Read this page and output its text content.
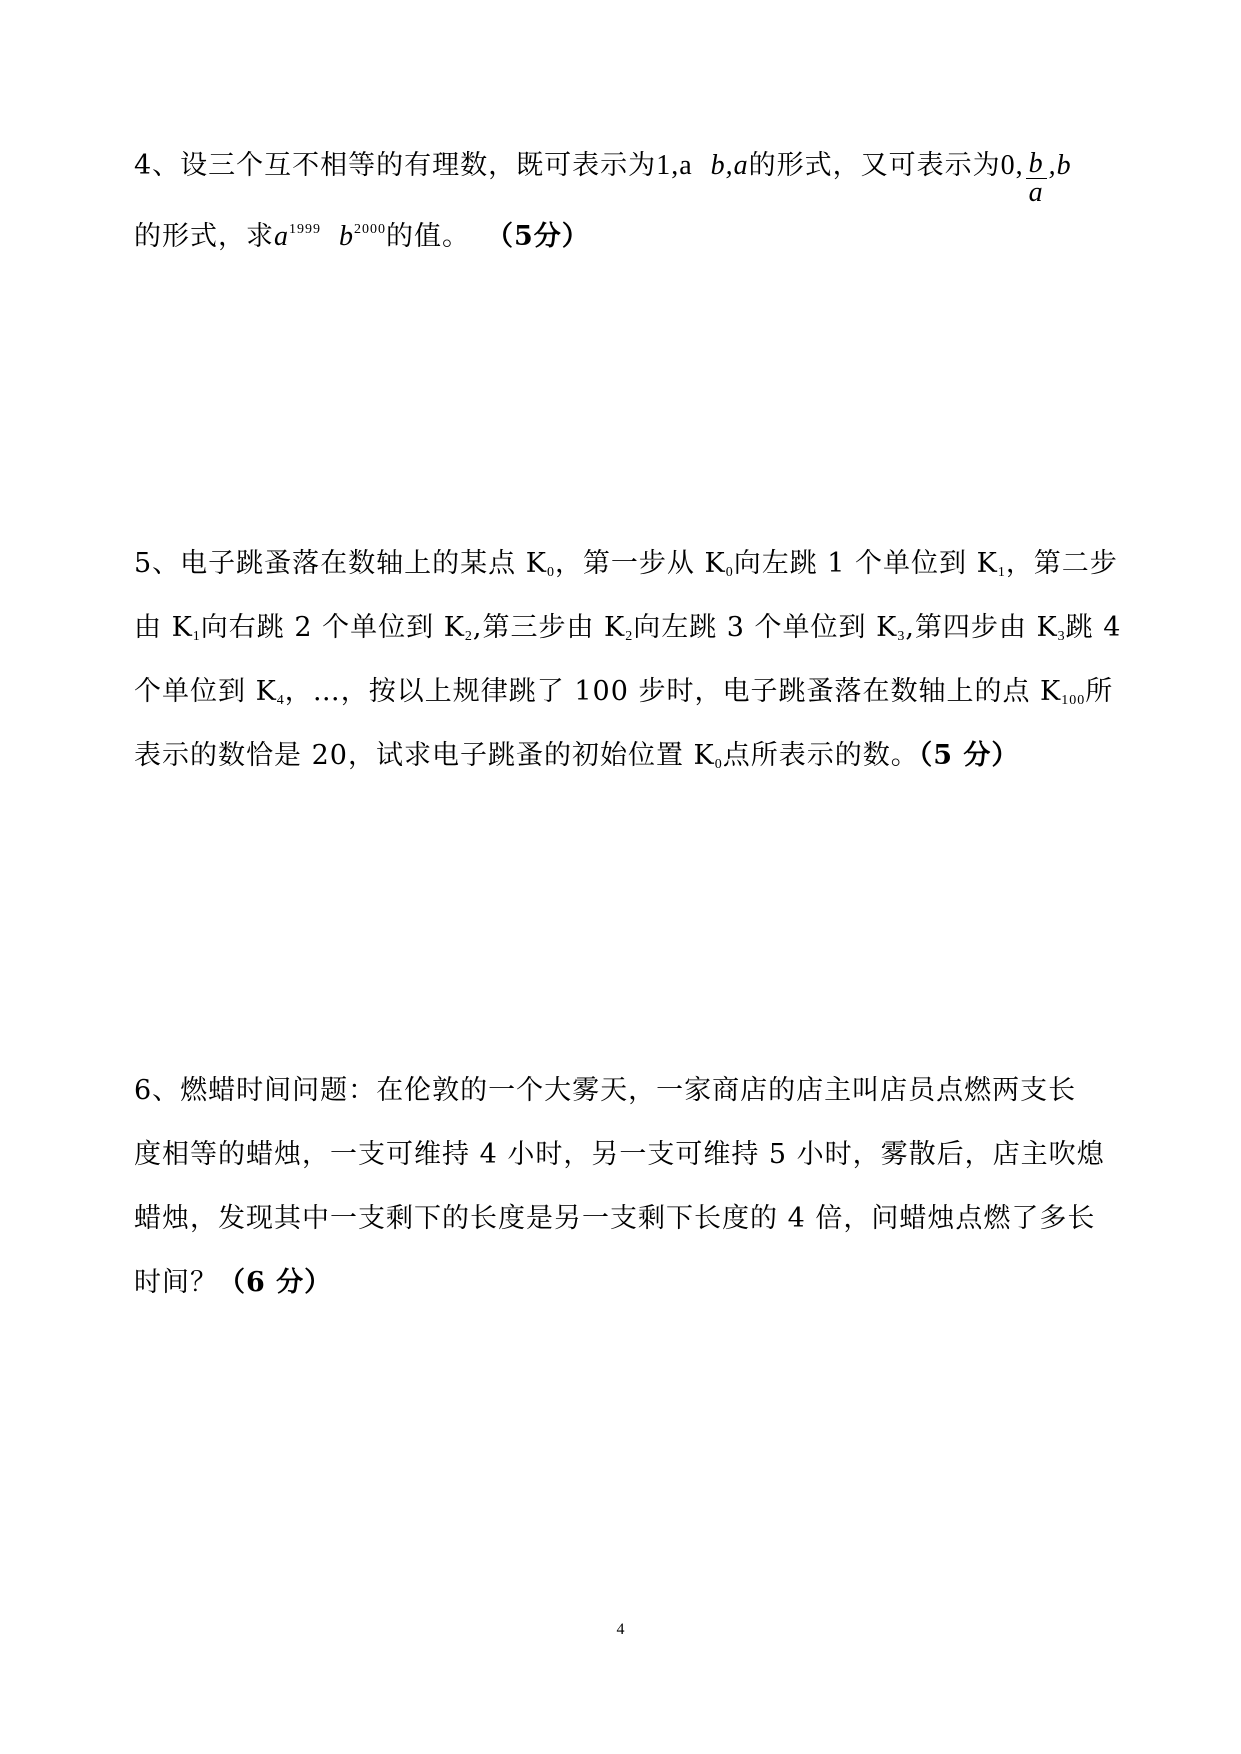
4、设三个互不相等的有理数，既可表示为1,a b,a的形式，又可表示为0, $\frac{b}{a} ,b$
的形式，求$a^{1999}$ $b^{2000}$的值。 （5分）
5、电子跳蚤落在数轴上的某点 $K_0$，第一步从 $K_0$向左跳 1 个单位到 $K_1$，第二步
由 $K_1$向右跳 2 个单位到 $K_2$,第三步由 $K_2$向左跳 3 个单位到 $K_3$,第四步由 $K_3$跳 4
个单位到 $K_4$，…，按以上规律跳了 100 步时，电子跳蚤落在数轴上的点 $K_{100}$所
表示的数恰是 20，试求电子跳蚤的初始位置 $K_0$点所表示的数。（5 分）
6、燃蜡时间问题：在伦敦的一个大雾天，一家商店的店主叫店员点燃两支长
度相等的蜡烛，一支可维持 4 小时，另一支可维持 5 小时，雾散后，店主吹熄
蜡烛，发现其中一支剩下的长度是另一支剩下长度的 4 倍，问蜡烛点燃了多长
时间？（6 分）
4
